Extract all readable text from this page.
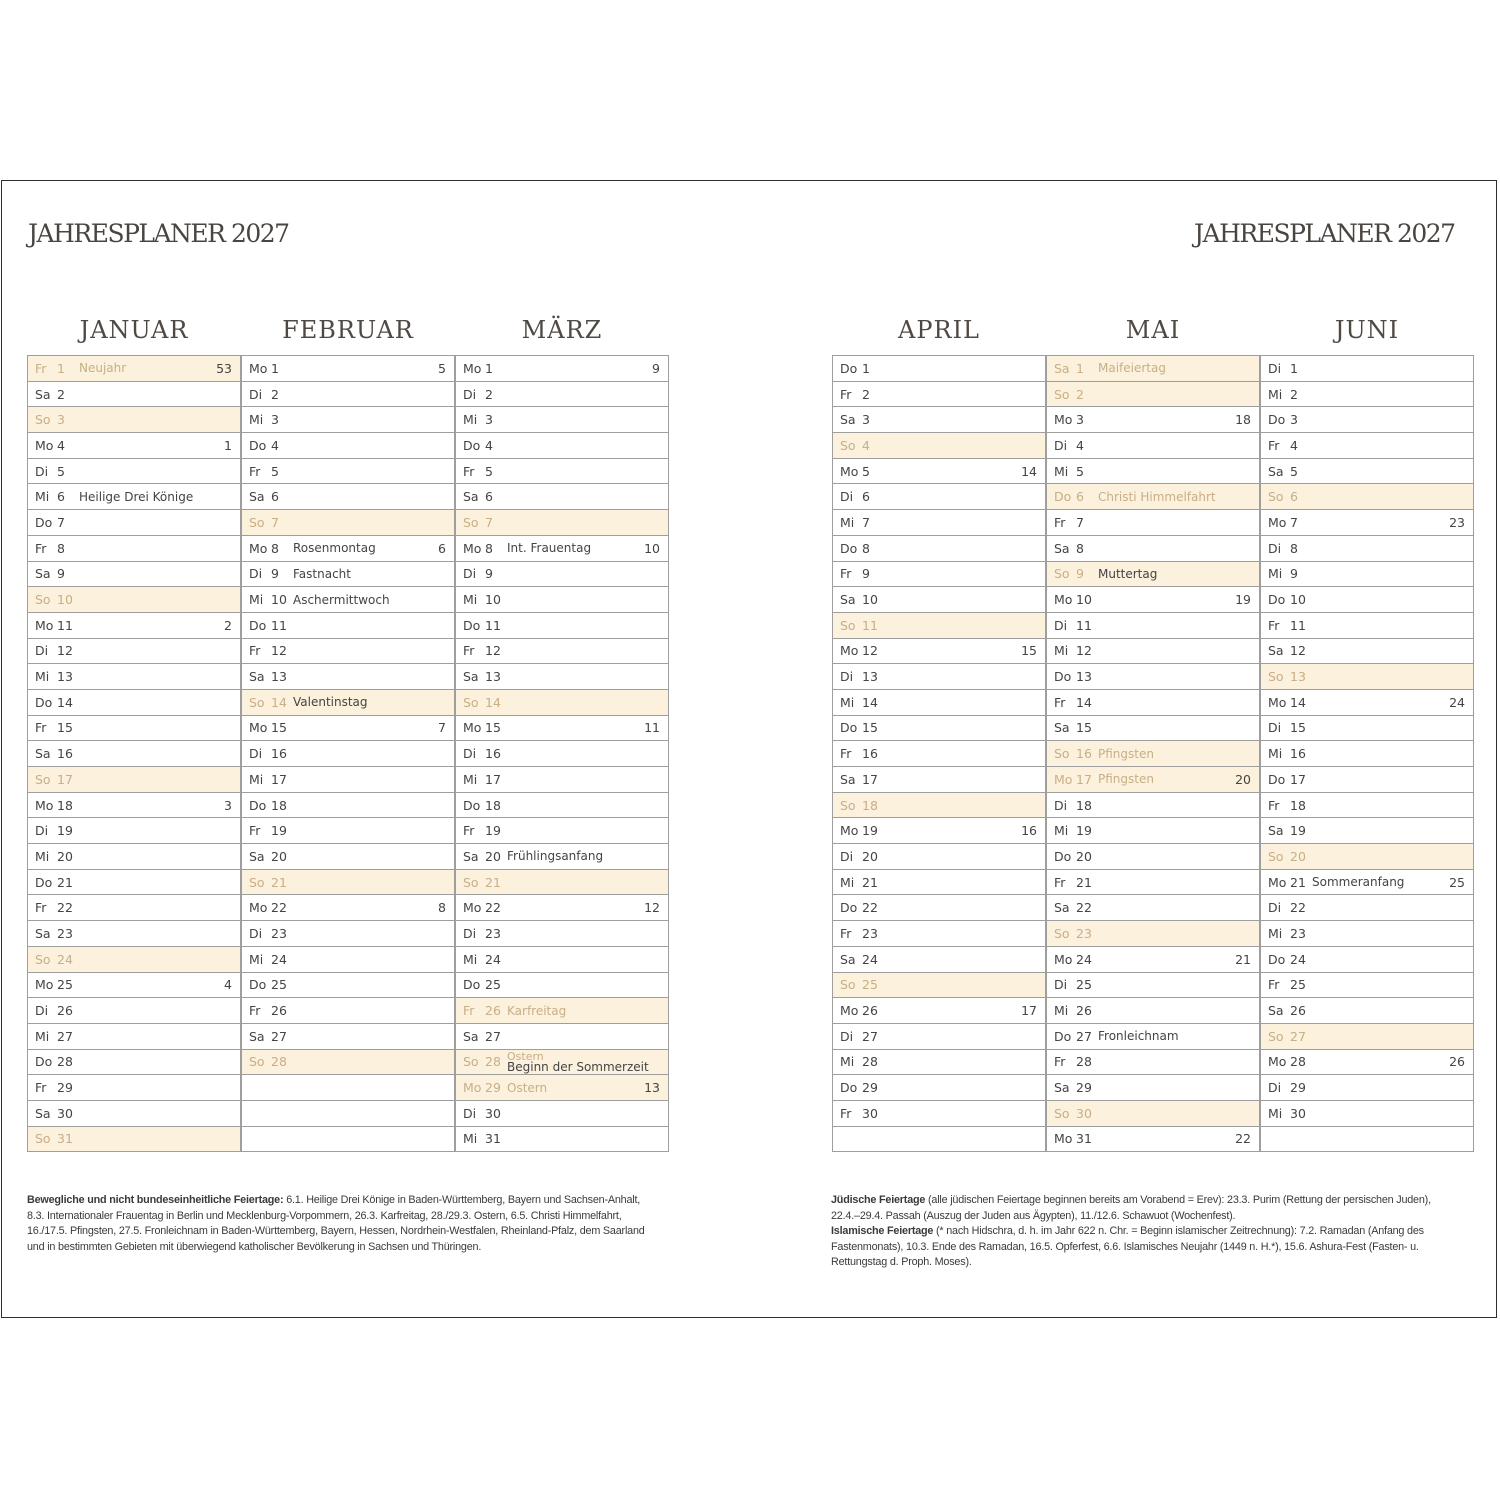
JAHRESPLANER 2027	JAHRESPLANER 2027
JANUAR
Fr 1	Neujahr	53

Sa 2

So 3

Mo 4	1

Di 5

Mi 6	Heilige Drei Könige

Do 7

Fr 8

Sa 9

So 10

Mo 11	2

Di 12

Mi 13

Do 14

Fr 15

Sa 16

So 17

Mo 18	3

Di 19

Mi 20

Do 21

Fr 22

Sa 23

So 24

Mo 25	4

Di 26

Mi 27

Do 28

Fr 29

Sa 30

So 31
FEBRUAR
Mo 1	5

Di 2

Mi 3

Do 4

Fr 5

Sa 6

So 7

Mo 8	Rosenmontag	6

Di 9	Fastnacht

Mi 10 Aschermittwoch

Do 11

Fr 12

Sa 13

So 14 Valentinstag

Mo 15	7

Di 16

Mi 17

Do 18

Fr 19

Sa 20

So 21

Mo 22	8

Di 23

Mi 24

Do 25

Fr 26

Sa 27

So 28

MÄRZ
Mo 1	9

Di 2

Mi 3

Do 4

Fr 5

Sa 6

So 7

Mo 8	Int. Frauentag	10

Di 9

Mi 10

Do 11

Fr 12

Sa 13

So 14

Mo 15	11

Di 16

Mi 17

Do 18

Fr 19

Sa 20 Frühlingsanfang

So 21

Mo 22	12

Di 23

Mi 24

Do 25

Fr 26 Karfreitag

Sa 27

So 28 Ostern
Beginn der Sommerzeit

Mo 29 Ostern	13

Di 30

Mi 31
APRIL
Do 1

Fr 2

Sa 3

So 4

Mo 5	14

Di 6

Mi 7

Do 8

Fr 9

Sa 10

So 11

Mo 12	15

Di 13

Mi 14

Do 15

Fr 16

Sa 17

So 18

Mo 19	16

Di 20

Mi 21

Do 22

Fr 23

Sa 24

So 25

Mo 26	17

Di 27

Mi 28

Do 29

Fr 30

MAI
Sa 1	Maifeiertag

So 2

Mo 3	18

Di 4

Mi 5

Do 6	Christi Himmelfahrt

Fr 7

Sa 8

So 9	Muttertag

Mo 10	19

Di 11

Mi 12

Do 13

Fr 14

Sa 15

So 16 Pfingsten

Mo 17 Pfingsten	20

Di 18

Mi 19

Do 20

Fr 21

Sa 22

So 23

Mo 24	21

Di 25

Mi 26

Do 27 Fronleichnam

Fr 28

Sa 29

So 30

Mo 31	22
JUNI
Di 1

Mi 2

Do 3

Fr 4

Sa 5

So 6

Mo 7	23

Di 8

Mi 9

Do 10

Fr 11

Sa 12

So 13

Mo 14	24

Di 15

Mi 16

Do 17

Fr 18

Sa 19

So 20

Mo 21 Sommeranfang	25

Di 22

Mi 23

Do 24

Fr 25

Sa 26

So 27

Mo 28	26

Di 29

Mi 30

Bewegliche und nicht bundeseinheitliche Feiertage: 6.1. Heilige Drei Könige in Baden-Württemberg, Bayern und Sachsen-Anhalt, 8.3. Internationaler Frauentag in Berlin und Mecklenburg-Vorpommern, 26.3. Karfreitag, 28./29.3. Ostern, 6.5. Christi Himmelfahrt, 16./17.5. Pfingsten, 27.5. Fronleichnam in Baden-Württemberg, Bayern, Hessen, Nordrhein-Westfalen, Rheinland-Pfalz, dem Saarland und in bestimmten Gebieten mit überwiegend katholischer Bevölkerung in Sachsen und Thüringen.
Jüdische Feiertage (alle jüdischen Feiertage beginnen bereits am Vorabend = Erev): 23.3. Purim (Rettung der persischen Juden), 22.4.–29.4. Passah (Auszug der Juden aus Ägypten), 11./12.6. Schawuot (Wochenfest).
Islamische Feiertage (* nach Hidschra, d. h. im Jahr 622 n. Chr. = Beginn islamischer Zeitrechnung): 7.2. Ramadan (Anfang des Fastenmonats), 10.3. Ende des Ramadan, 16.5. Opferfest, 6.6. Islamisches Neujahr (1449 n. H.*), 15.6. Ashura-Fest (Fasten- u. Rettungstag d. Proph. Moses).
